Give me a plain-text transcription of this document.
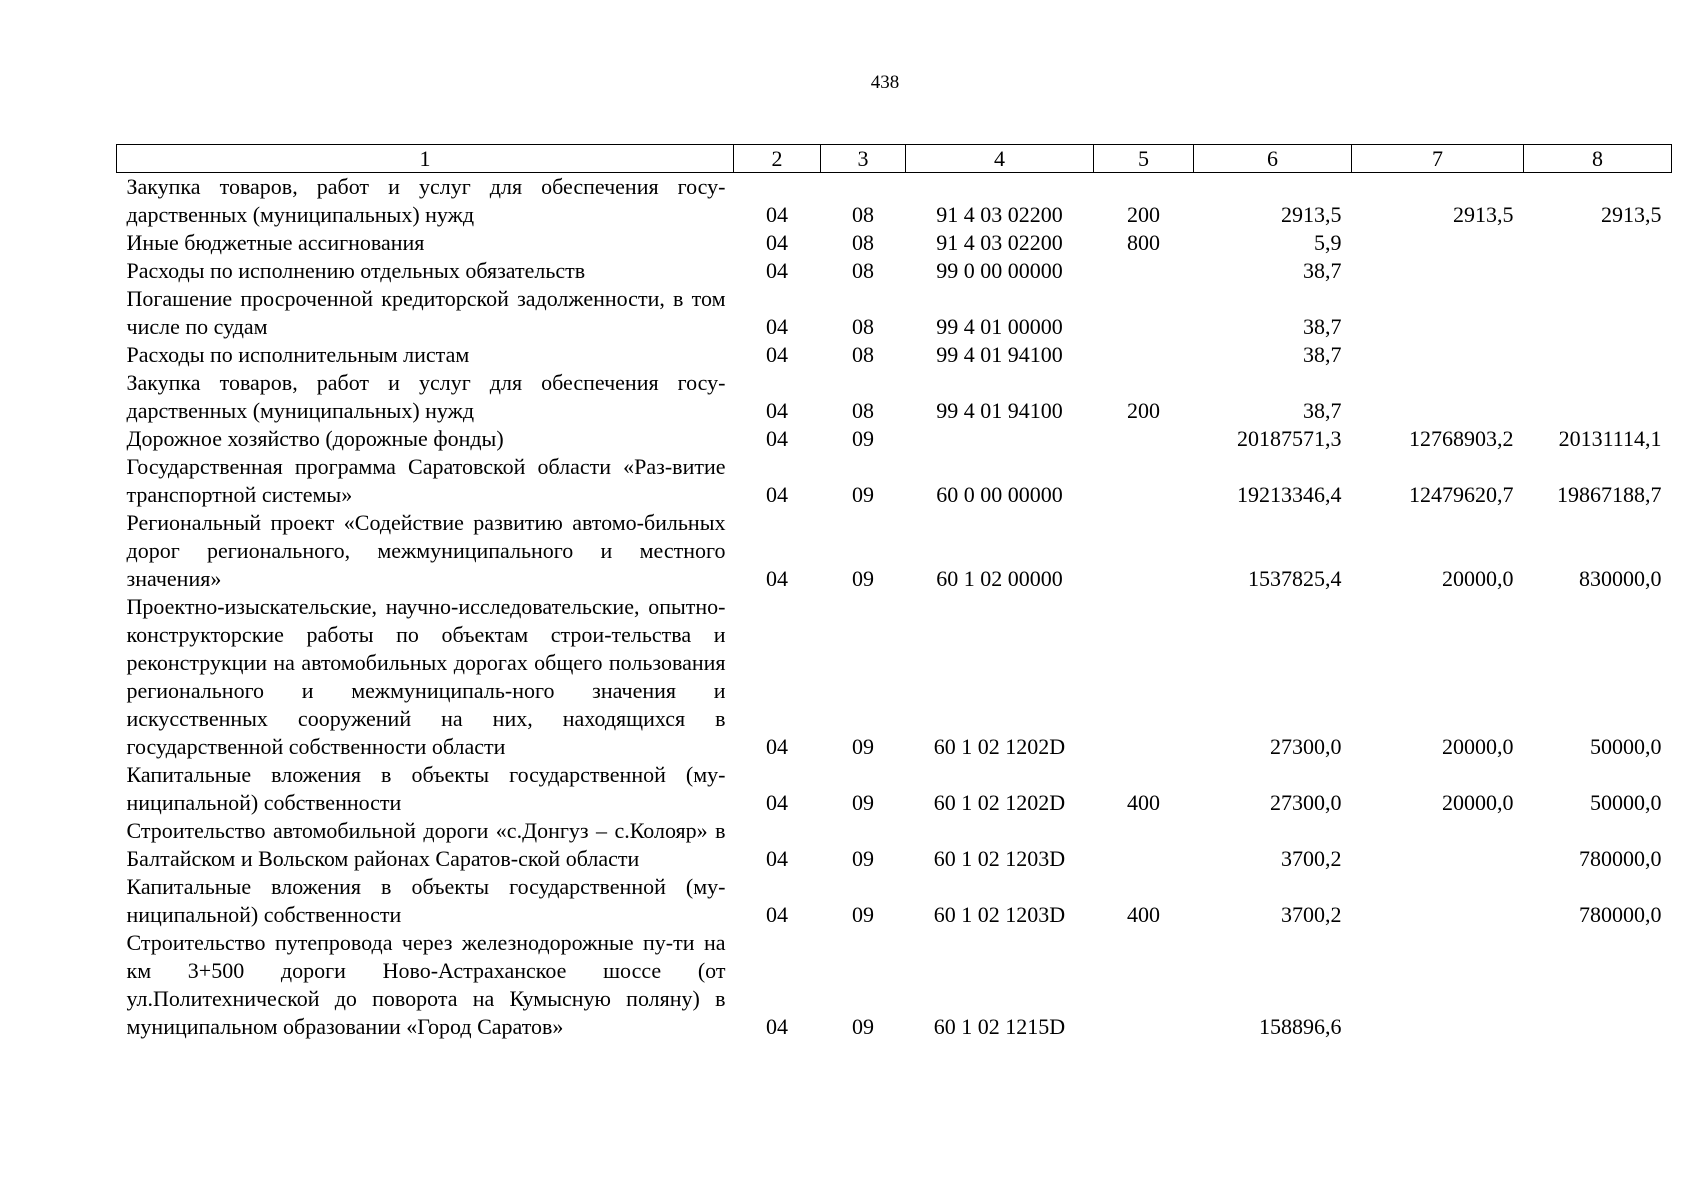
438
1	2	3	4	5	6	7	8
Закупка товаров, работ и услуг для обеспечения госу-дарственных (муниципальных) нужд	04	08	91 4 03 02200	200	2913,5	2913,5	2913,5
Иные бюджетные ассигнования	04	08	91 4 03 02200	800	5,9		
Расходы по исполнению отдельных обязательств	04	08	99 0 00 00000		38,7		
Погашение просроченной кредиторской задолженности, в том числе по судам	04	08	99 4 01 00000		38,7		
Расходы по исполнительным листам	04	08	99 4 01 94100		38,7		
Закупка товаров, работ и услуг для обеспечения госу-дарственных (муниципальных) нужд	04	08	99 4 01 94100	200	38,7		
Дорожное хозяйство (дорожные фонды)	04	09			20187571,3	12768903,2	20131114,1
Государственная программа Саратовской области «Раз-витие транспортной системы»	04	09	60 0 00 00000		19213346,4	12479620,7	19867188,7
Региональный проект «Содействие развитию автомо-бильных дорог регионального, межмуниципального и местного значения»	04	09	60 1 02 00000		1537825,4	20000,0	830000,0
Проектно-изыскательские, научно-исследовательские, опытно-конструкторские работы по объектам строи-тельства и реконструкции на автомобильных дорогах общего пользования регионального и межмуниципаль-ного значения и искусственных сооружений на них, находящихся в государственной собственности области	04	09	60 1 02 1202D		27300,0	20000,0	50000,0
Капитальные вложения в объекты государственной (му-ниципальной) собственности	04	09	60 1 02 1202D	400	27300,0	20000,0	50000,0
Строительство автомобильной дороги «с.Донгуз – с.Колояр» в Балтайском и Вольском районах Саратов-ской области	04	09	60 1 02 1203D		3700,2		780000,0
Капитальные вложения в объекты государственной (му-ниципальной) собственности	04	09	60 1 02 1203D	400	3700,2		780000,0
Строительство путепровода через железнодорожные пу-ти на км 3+500 дороги Ново-Астраханское шоссе (от ул.Политехнической до поворота на Кумысную поляну) в муниципальном образовании «Город Саратов»	04	09	60 1 02 1215D		158896,6		
